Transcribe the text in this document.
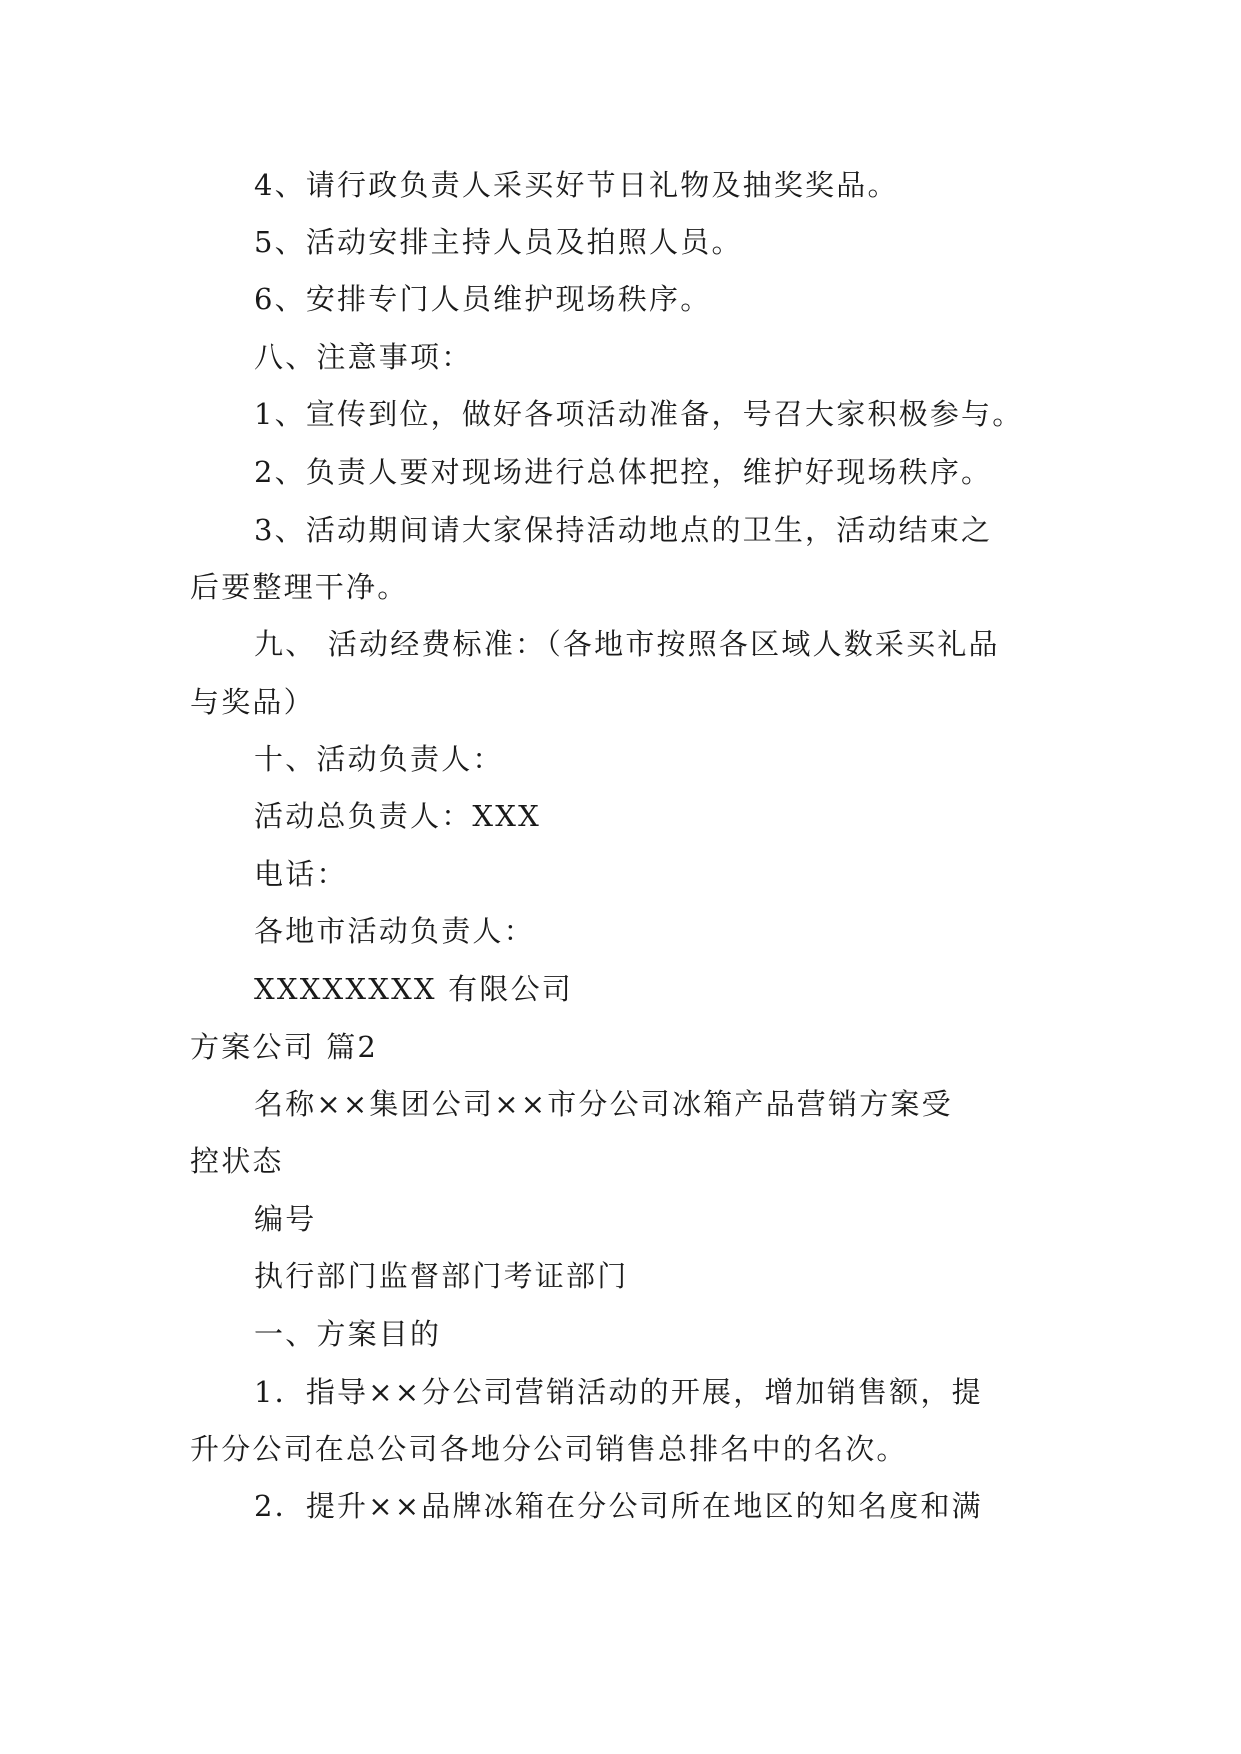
4、请行政负责人采买好节日礼物及抽奖奖品。
5、活动安排主持人员及拍照人员。
6、安排专门人员维护现场秩序。
八、注意事项：
1、宣传到位，做好各项活动准备，号召大家积极参与。
2、负责人要对现场进行总体把控，维护好现场秩序。
3、活动期间请大家保持活动地点的卫生，活动结束之
后要整理干净。
九、 活动经费标准：（各地市按照各区域人数采买礼品
与奖品）
十、活动负责人：
活动总负责人：XXX
电话：
各地市活动负责人：
XXXXXXXX 有限公司
方案公司 篇2
名称××集团公司××市分公司冰箱产品营销方案受
控状态
编号
执行部门监督部门考证部门
一、方案目的
1．指导××分公司营销活动的开展，增加销售额，提
升分公司在总公司各地分公司销售总排名中的名次。
2．提升××品牌冰箱在分公司所在地区的知名度和满
